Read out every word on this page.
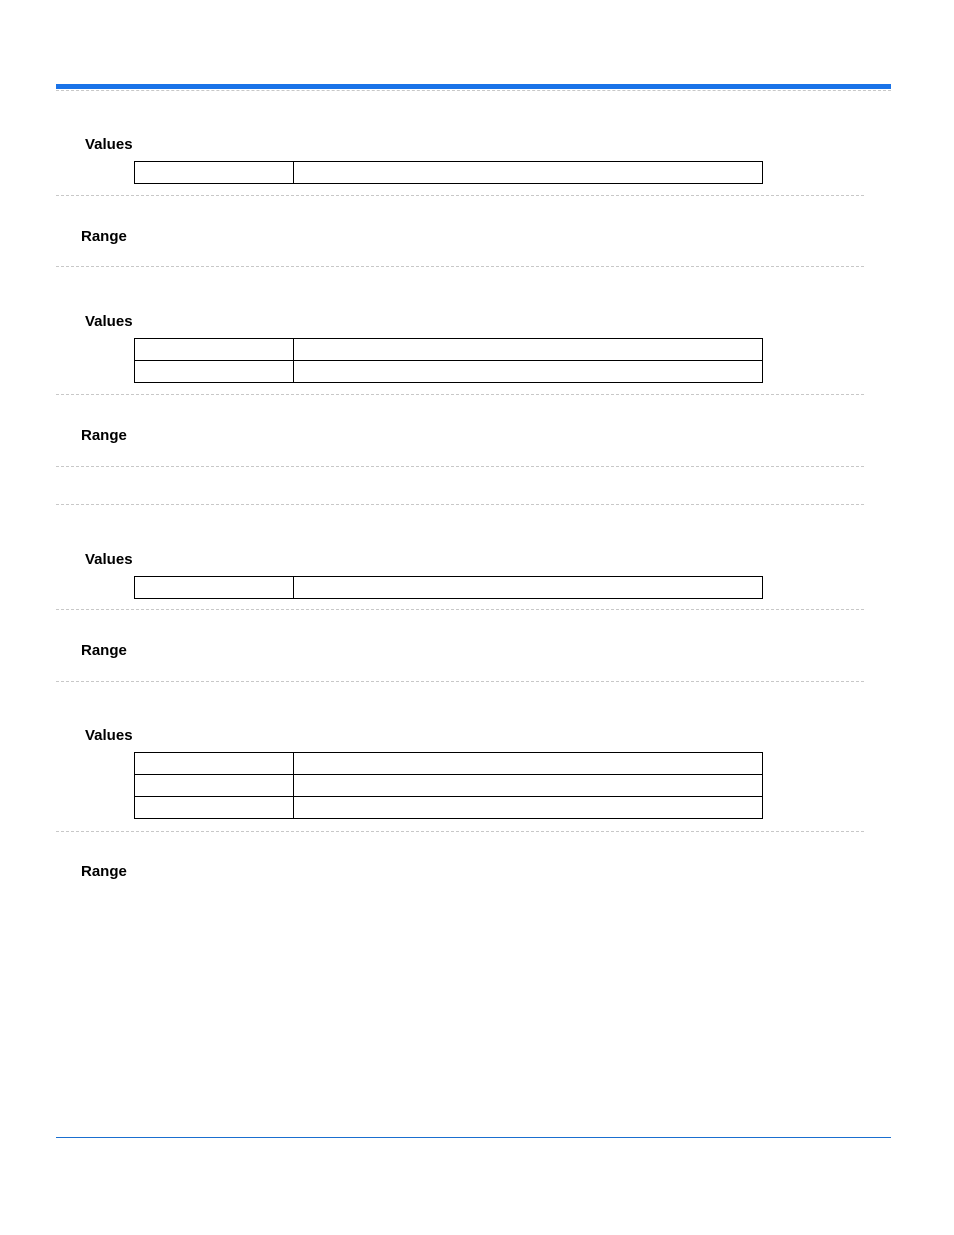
Values

Range
Values

Range
Values

Range
Values

Range
